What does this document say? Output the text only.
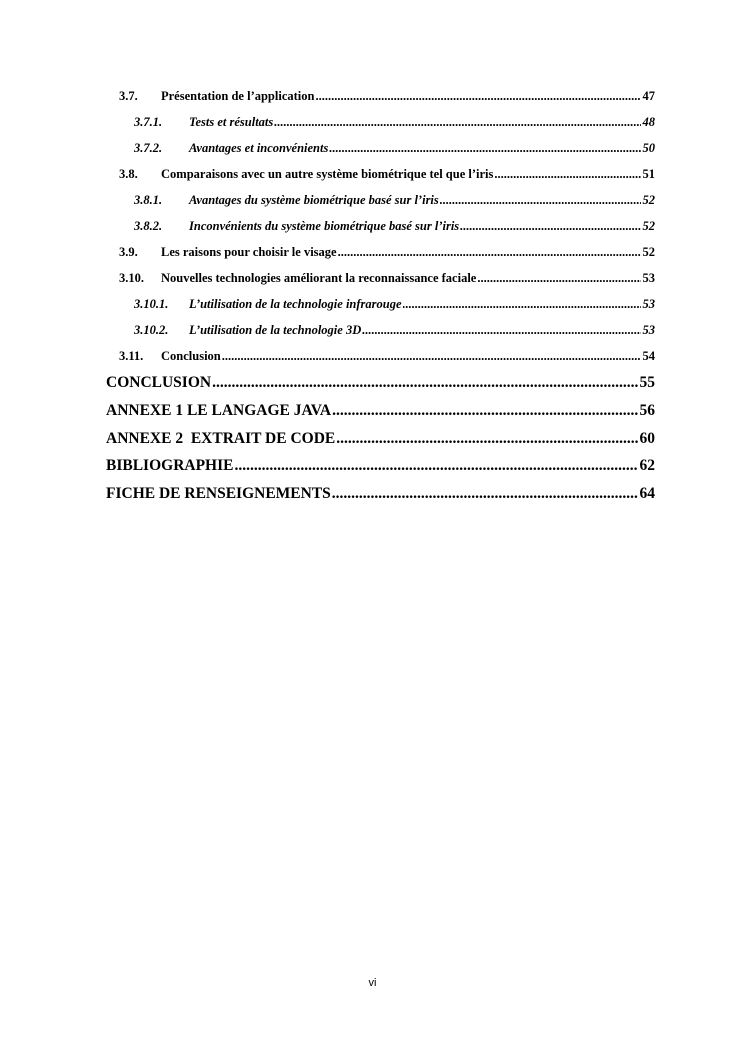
3.7.	Présentation de l’application .....	47
3.7.1.	Tests et résultats .....	48
3.7.2.	Avantages et inconvénients .....	50
3.8.	Comparaisons avec un autre système biométrique tel que l’iris .....	51
3.8.1.	Avantages du système biométrique basé sur l’iris .....	52
3.8.2.	Inconvénients du système biométrique basé sur l’iris .....	52
3.9.	Les raisons pour choisir le visage .....	52
3.10.	Nouvelles technologies améliorant la reconnaissance faciale .....	53
3.10.1.	L’utilisation de la technologie infrarouge .....	53
3.10.2.	L’utilisation de la technologie 3D .....	53
3.11.	Conclusion .....	54
CONCLUSION .....	55
ANNEXE 1 LE LANGAGE JAVA .....	56
ANNEXE 2  EXTRAIT DE CODE .....	60
BIBLIOGRAPHIE .....	62
FICHE DE RENSEIGNEMENTS .....	64
vi
